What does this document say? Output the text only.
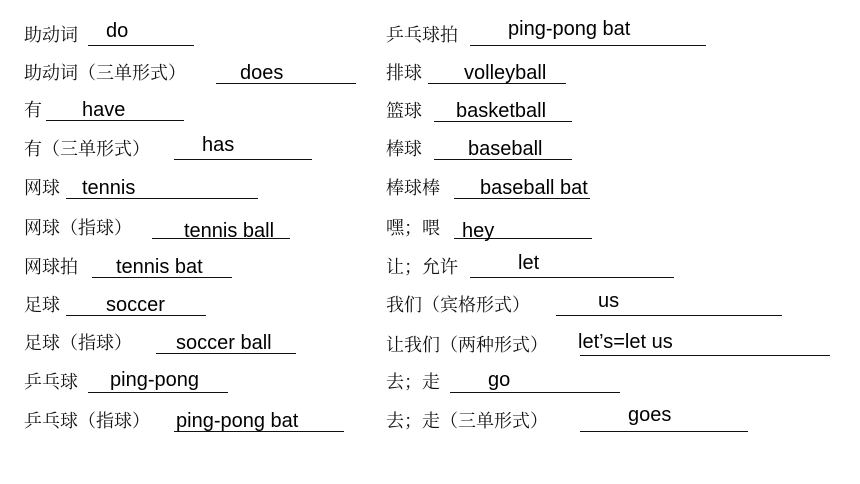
助动词 do
助动词（三单形式）	does
有 have
有（三单形式）	has
网球 tennis
网球（指球）	tennis ball
网球拍 tennis bat
足球 soccer
足球（指球） soccer ball
乒乓球 ping-pong
乒乓球（指球） ping-pong bat
乒乓球拍	ping-pong bat
排球 volleyball
篮球 basketball
棒球 baseball
棒球棒 baseball bat
嘿；喂 hey
让；允许	let
我们（宾格形式）	us
让我们（两种形式） let’s=let us
去；走 go
去；走（三单形式）	goes
